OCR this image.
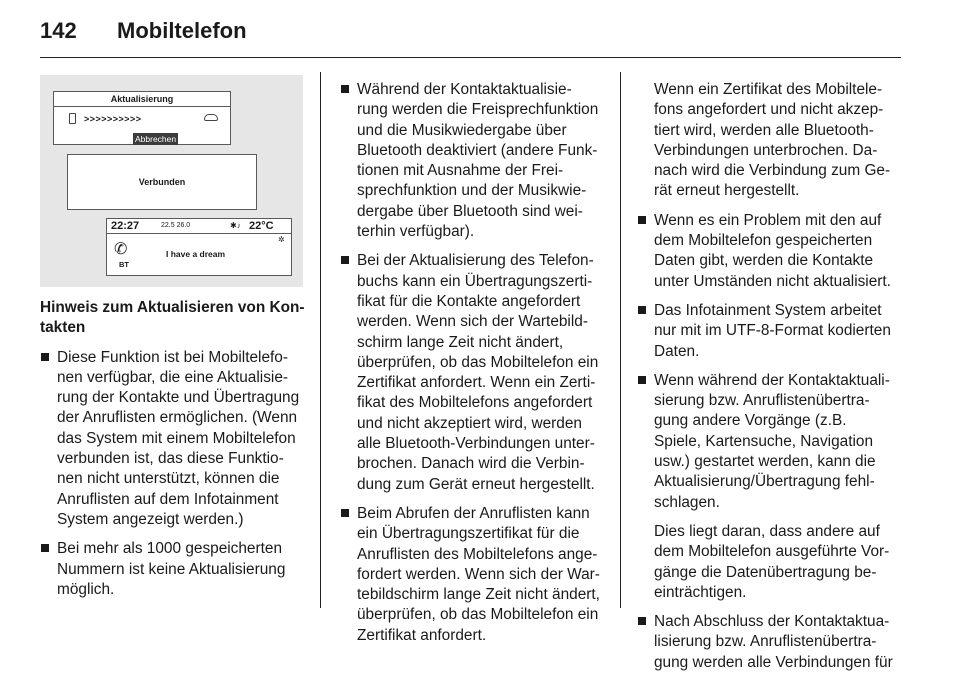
142 Mobiltelefon
Aktualisierung
>>>>>>>>>>
Abbrechen
Verbunden
22:27	22.5 26.0	✱♪ 22°C
✆
BT
I have a dream
✲

Hinweis zum Aktualisieren von Kon-
takten

Diese Funktion ist bei Mobiltelefo-
nen verfügbar, die eine Aktualisie-
rung der Kontakte und Übertragung
der Anruflisten ermöglichen. (Wenn
das System mit einem Mobiltelefon
verbunden ist, das diese Funktio-
nen nicht unterstützt, können die
Anruflisten auf dem Infotainment
System angezeigt werden.)
Bei mehr als 1000 gespeicherten
Nummern ist keine Aktualisierung
möglich.
Während der Kontaktaktualisie-
rung werden die Freisprechfunktion
und die Musikwiedergabe über
Bluetooth deaktiviert (andere Funk-
tionen mit Ausnahme der Frei-
sprechfunktion und der Musikwie-
dergabe über Bluetooth sind wei-
terhin verfügbar).
Bei der Aktualisierung des Telefon-
buchs kann ein Übertragungszerti-
fikat für die Kontakte angefordert
werden. Wenn sich der Wartebild-
schirm lange Zeit nicht ändert,
überprüfen, ob das Mobiltelefon ein
Zertifikat anfordert. Wenn ein Zerti-
fikat des Mobiltelefons angefordert
und nicht akzeptiert wird, werden
alle Bluetooth-Verbindungen unter-
brochen. Danach wird die Verbin-
dung zum Gerät erneut hergestellt.
Beim Abrufen der Anruflisten kann
ein Übertragungszertifikat für die
Anruflisten des Mobiltelefons ange-
fordert werden. Wenn sich der War-
tebildschirm lange Zeit nicht ändert,
überprüfen, ob das Mobiltelefon ein
Zertifikat anfordert.

Wenn ein Zertifikat des Mobiltele-
fons angefordert und nicht akzep-
tiert wird, werden alle Bluetooth-
Verbindungen unterbrochen. Da-
nach wird die Verbindung zum Ge-
rät erneut hergestellt.

Wenn es ein Problem mit den auf
dem Mobiltelefon gespeicherten
Daten gibt, werden die Kontakte
unter Umständen nicht aktualisiert.
Das Infotainment System arbeitet
nur mit im UTF-8-Format kodierten
Daten.
Wenn während der Kontaktaktuali-
sierung bzw. Anruflistenübertra-
gung andere Vorgänge (z.B.
Spiele, Kartensuche, Navigation
usw.) gestartet werden, kann die
Aktualisierung/Übertragung fehl-
schlagen.
Dies liegt daran, dass andere auf
dem Mobiltelefon ausgeführte Vor-
gänge die Datenübertragung be-
einträchtigen.
Nach Abschluss der Kontaktaktua-
lisierung bzw. Anruflistenübertra-
gung werden alle Verbindungen für
